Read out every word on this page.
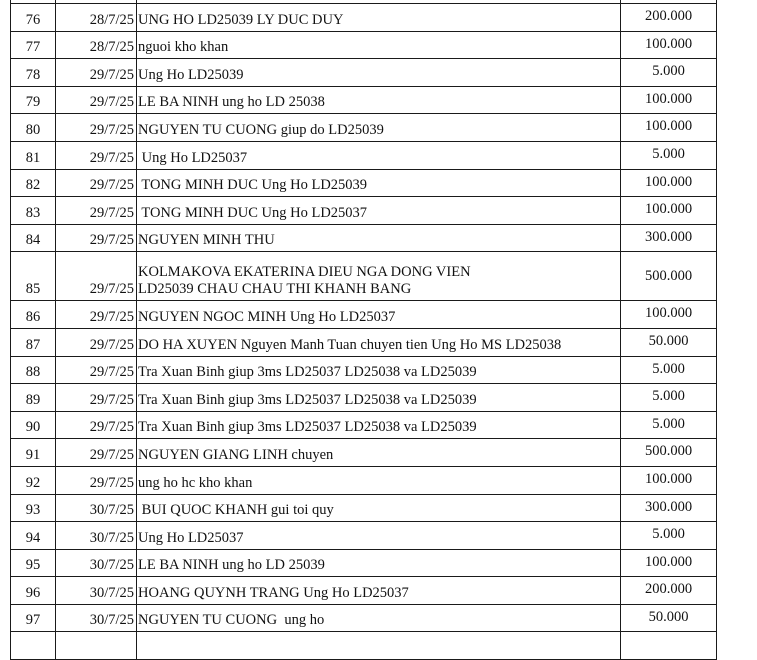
76	28/7/25	UNG HO LD25039 LY DUC DUY	200.000
77	28/7/25	nguoi kho khan	100.000
78	29/7/25	Ung Ho LD25039	5.000
79	29/7/25	LE BA NINH ung ho LD 25038	100.000
80	29/7/25	NGUYEN TU CUONG giup do LD25039	100.000
81	29/7/25	Ung Ho LD25037	5.000
82	29/7/25	TONG MINH DUC Ung Ho LD25039	100.000
83	29/7/25	TONG MINH DUC Ung Ho LD25037	100.000
84	29/7/25	NGUYEN MINH THU	300.000
85	29/7/25	KOLMAKOVA EKATERINA DIEU NGA DONG VIEN
LD25039 CHAU CHAU THI KHANH BANG	500.000
86	29/7/25	NGUYEN NGOC MINH Ung Ho LD25037	100.000
87	29/7/25	DO HA XUYEN Nguyen Manh Tuan chuyen tien Ung Ho MS LD25038	50.000
88	29/7/25	Tra Xuan Binh giup 3ms LD25037 LD25038 va LD25039	5.000
89	29/7/25	Tra Xuan Binh giup 3ms LD25037 LD25038 va LD25039	5.000
90	29/7/25	Tra Xuan Binh giup 3ms LD25037 LD25038 va LD25039	5.000
91	29/7/25	NGUYEN GIANG LINH chuyen	500.000
92	29/7/25	ung ho hc kho khan	100.000
93	30/7/25	BUI QUOC KHANH gui toi quy	300.000
94	30/7/25	Ung Ho LD25037	5.000
95	30/7/25	LE BA NINH ung ho LD 25039	100.000
96	30/7/25	HOANG QUYNH TRANG Ung Ho LD25037	200.000
97	30/7/25	NGUYEN TU CUONG  ung ho	50.000
